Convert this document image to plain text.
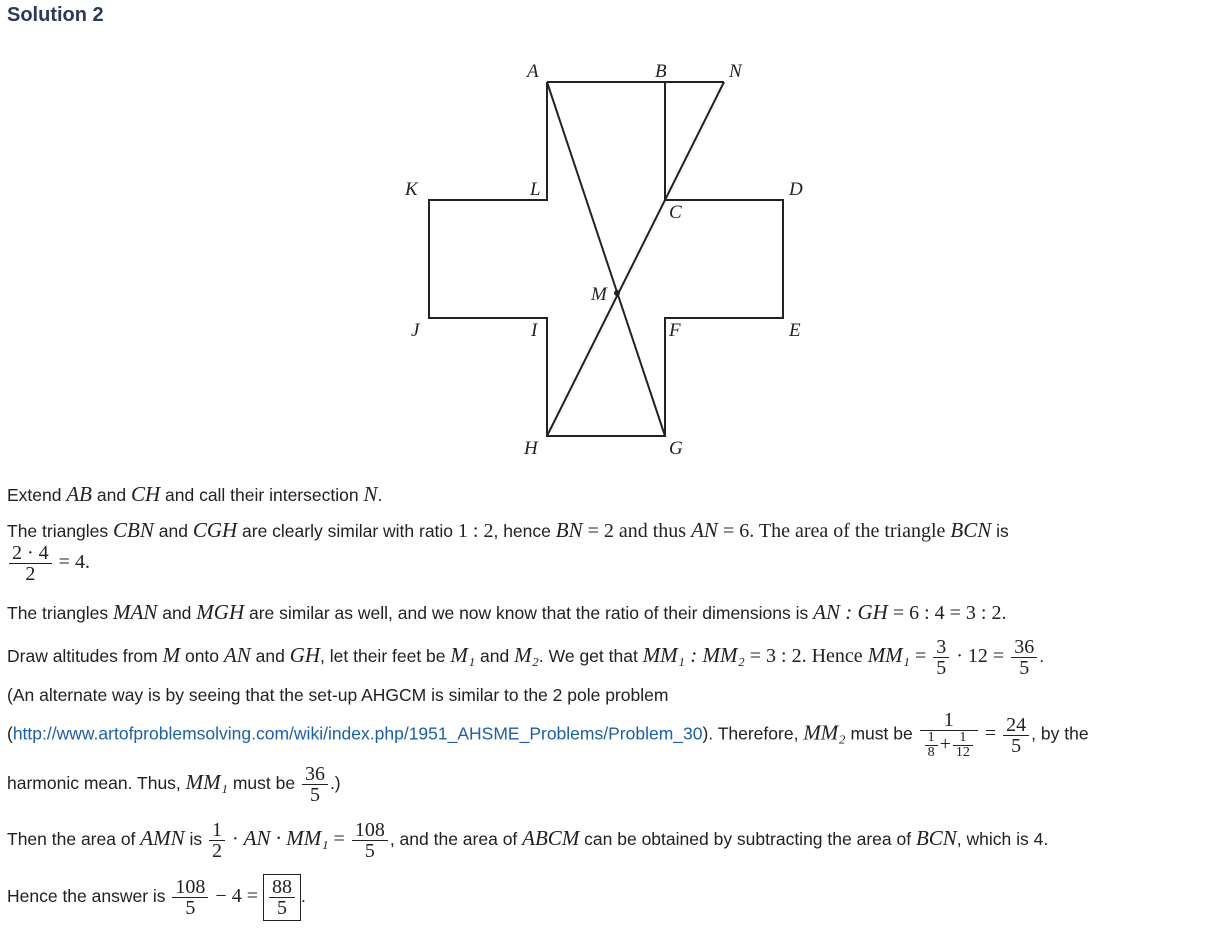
Solution 2
A	B	N
K	L	D
C
M
J	I	F	E
H	G
Extend AB and CH and call their intersection N.
The triangles CBN and CGH are clearly similar with ratio 1 : 2, hence BN = 2 and thus AN = 6. The area of the triangle BCN is
$\frac{2 \cdot 4}{2} = 4$.
The triangles MAN and MGH are similar as well, and we now know that the ratio of their dimensions is AN : GH = 6 : 4 = 3 : 2.
Draw altitudes from M onto AN and GH, let their feet be M₁ and M₂. We get that MM₁ : MM₂ = 3 : 2. Hence $MM_1 = \frac{3}{5} \cdot 12 = \frac{36}{5}$ .
(An alternate way is by seeing that the set-up AHGCM is similar to the 2 pole problem
(http://www.artofproblemsolving.com/wiki/index.php/1951_AHSME_Problems/Problem_30). Therefore, MM₂ must be $\frac{1}{\frac{1}{8} + \frac{1}{12}} = \frac{24}{5}$ , by the
harmonic mean. Thus, MM₁ must be $\frac{36}{5}$ .)
Then the area of AMN is $\frac{1}{2}$ · AN · $MM_1 = \frac{108}{5}$ , and the area of ABCM can be obtained by subtracting the area of BCN, which is 4.
Hence the answer is $\frac{108}{5} - 4 = \frac{88}{5}$ .
